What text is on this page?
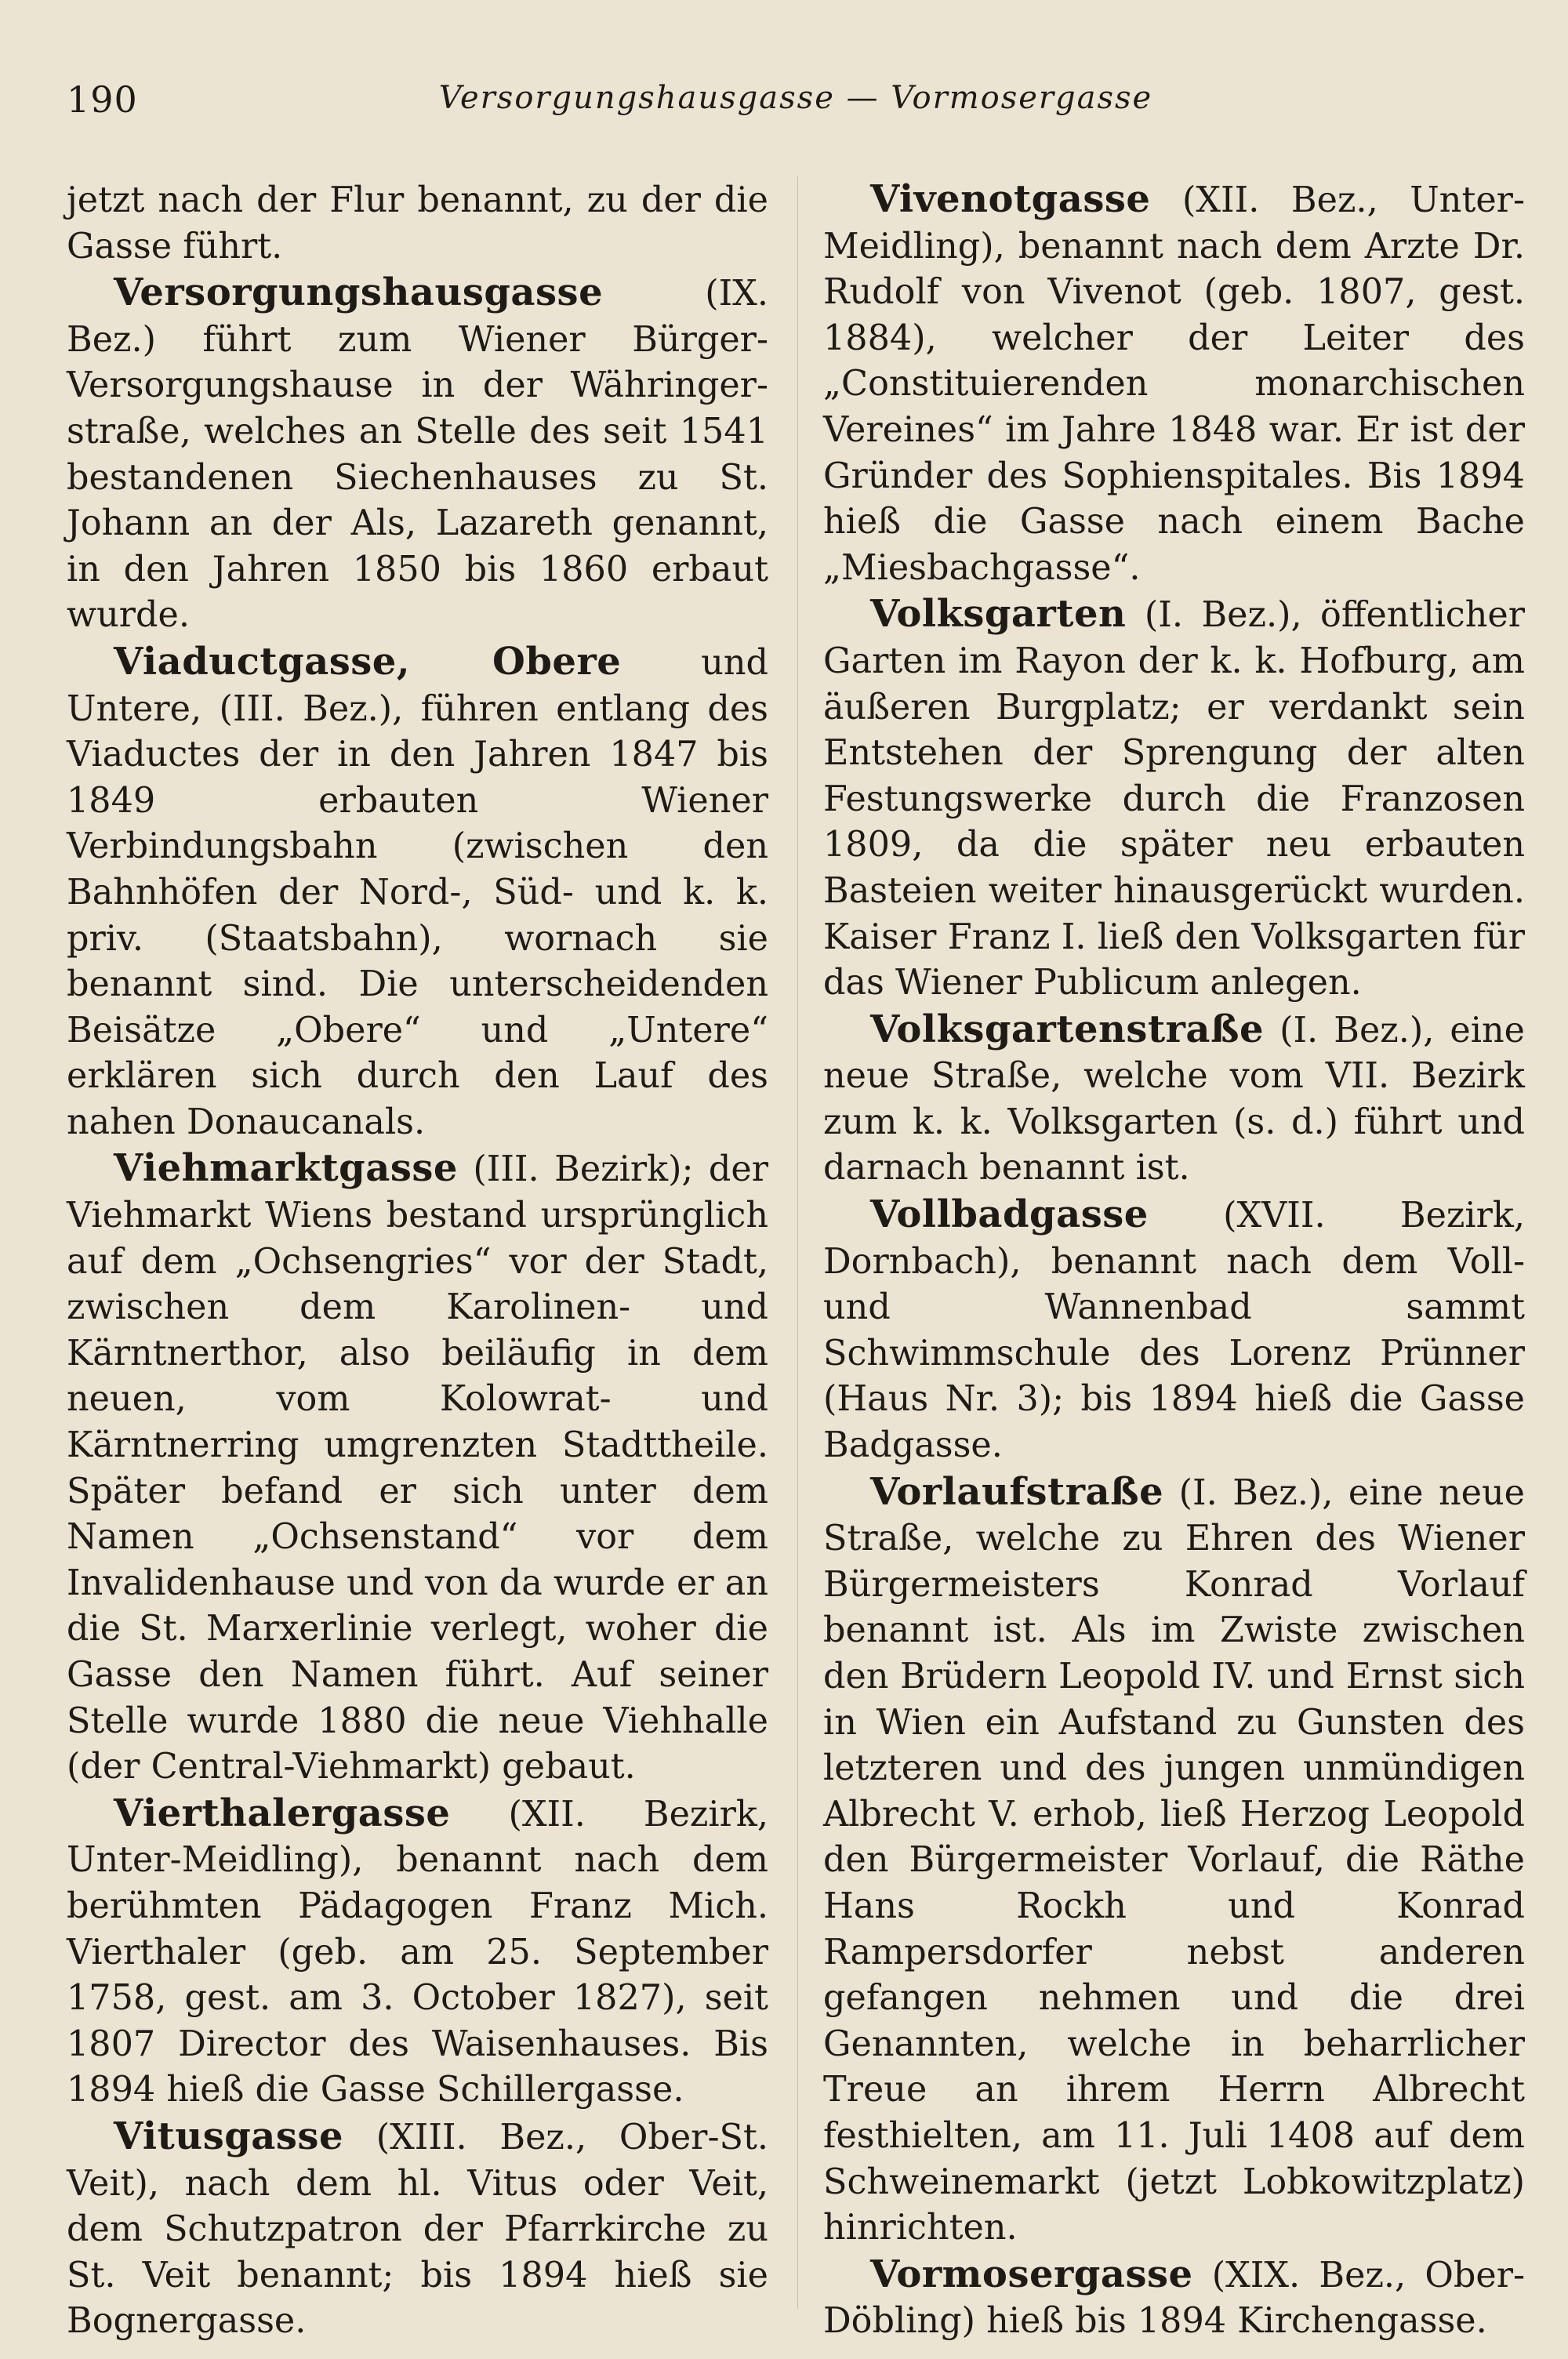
190	Versorgungshausgasse — Vormosergasse

jetzt nach der Flur benannt, zu der die Gasse führt.

Versorgungshausgasse (IX. Bez.) führt zum Wiener Bürger-Versorgungshause in der Währinger-straße, welches an Stelle des seit 1541 bestandenen Siechenhauses zu St. Johann an der Als, Lazareth genannt, in den Jahren 1850 bis 1860 erbaut wurde.

Viaductgasse, Obere und Untere, (III. Bez.), führen entlang des Viaductes der in den Jahren 1847 bis 1849 erbauten Wiener Verbindungsbahn (zwischen den Bahnhöfen der Nord-, Süd- und k. k. priv. (Staatsbahn), wornach sie benannt sind. Die unterscheidenden Beisätze „Obere“ und „Untere“ erklären sich durch den Lauf des nahen Donaucanals.

Viehmarktgasse (III. Bezirk); der Viehmarkt Wiens bestand ursprünglich auf dem „Ochsengries“ vor der Stadt, zwischen dem Karolinen- und Kärntnerthor, also beiläufig in dem neuen, vom Kolowrat- und Kärntnerring umgrenzten Stadttheile. Später befand er sich unter dem Namen „Ochsenstand“ vor dem Invalidenhause und von da wurde er an die St. Marxerlinie verlegt, woher die Gasse den Namen führt. Auf seiner Stelle wurde 1880 die neue Viehhalle (der Central-Viehmarkt) gebaut.

Vierthalergasse (XII. Bezirk, Unter-Meidling), benannt nach dem berühmten Pädagogen Franz Mich. Vierthaler (geb. am 25. September 1758, gest. am 3. October 1827), seit 1807 Director des Waisenhauses. Bis 1894 hieß die Gasse Schillergasse.

Vitusgasse (XIII. Bez., Ober-St. Veit), nach dem hl. Vitus oder Veit, dem Schutzpatron der Pfarrkirche zu St. Veit benannt; bis 1894 hieß sie Bognergasse.

Vivenotgasse (XII. Bez., Unter-Meidling), benannt nach dem Arzte Dr. Rudolf von Vivenot (geb. 1807, gest. 1884), welcher der Leiter des „Constituierenden monarchischen Vereines“ im Jahre 1848 war. Er ist der Gründer des Sophienspitales. Bis 1894 hieß die Gasse nach einem Bache „Miesbachgasse“.

Volksgarten (I. Bez.), öffentlicher Garten im Rayon der k. k. Hofburg, am äußeren Burgplatz; er verdankt sein Entstehen der Sprengung der alten Festungswerke durch die Franzosen 1809, da die später neu erbauten Basteien weiter hinausgerückt wurden. Kaiser Franz I. ließ den Volksgarten für das Wiener Publicum anlegen.

Volksgartenstraße (I. Bez.), eine neue Straße, welche vom VII. Bezirk zum k. k. Volksgarten (s. d.) führt und darnach benannt ist.

Vollbadgasse (XVII. Bezirk, Dornbach), benannt nach dem Voll- und Wannenbad sammt Schwimmschule des Lorenz Prünner (Haus Nr. 3); bis 1894 hieß die Gasse Badgasse.

Vorlaufstraße (I. Bez.), eine neue Straße, welche zu Ehren des Wiener Bürgermeisters Konrad Vorlauf benannt ist. Als im Zwiste zwischen den Brüdern Leopold IV. und Ernst sich in Wien ein Aufstand zu Gunsten des letzteren und des jungen unmündigen Albrecht V. erhob, ließ Herzog Leopold den Bürgermeister Vorlauf, die Räthe Hans Rockh und Konrad Rampersdorfer nebst anderen gefangen nehmen und die drei Genannten, welche in beharrlicher Treue an ihrem Herrn Albrecht festhielten, am 11. Juli 1408 auf dem Schweinemarkt (jetzt Lobkowitzplatz) hinrichten.

Vormosergasse (XIX. Bez., Ober-Döbling) hieß bis 1894 Kirchengasse.
